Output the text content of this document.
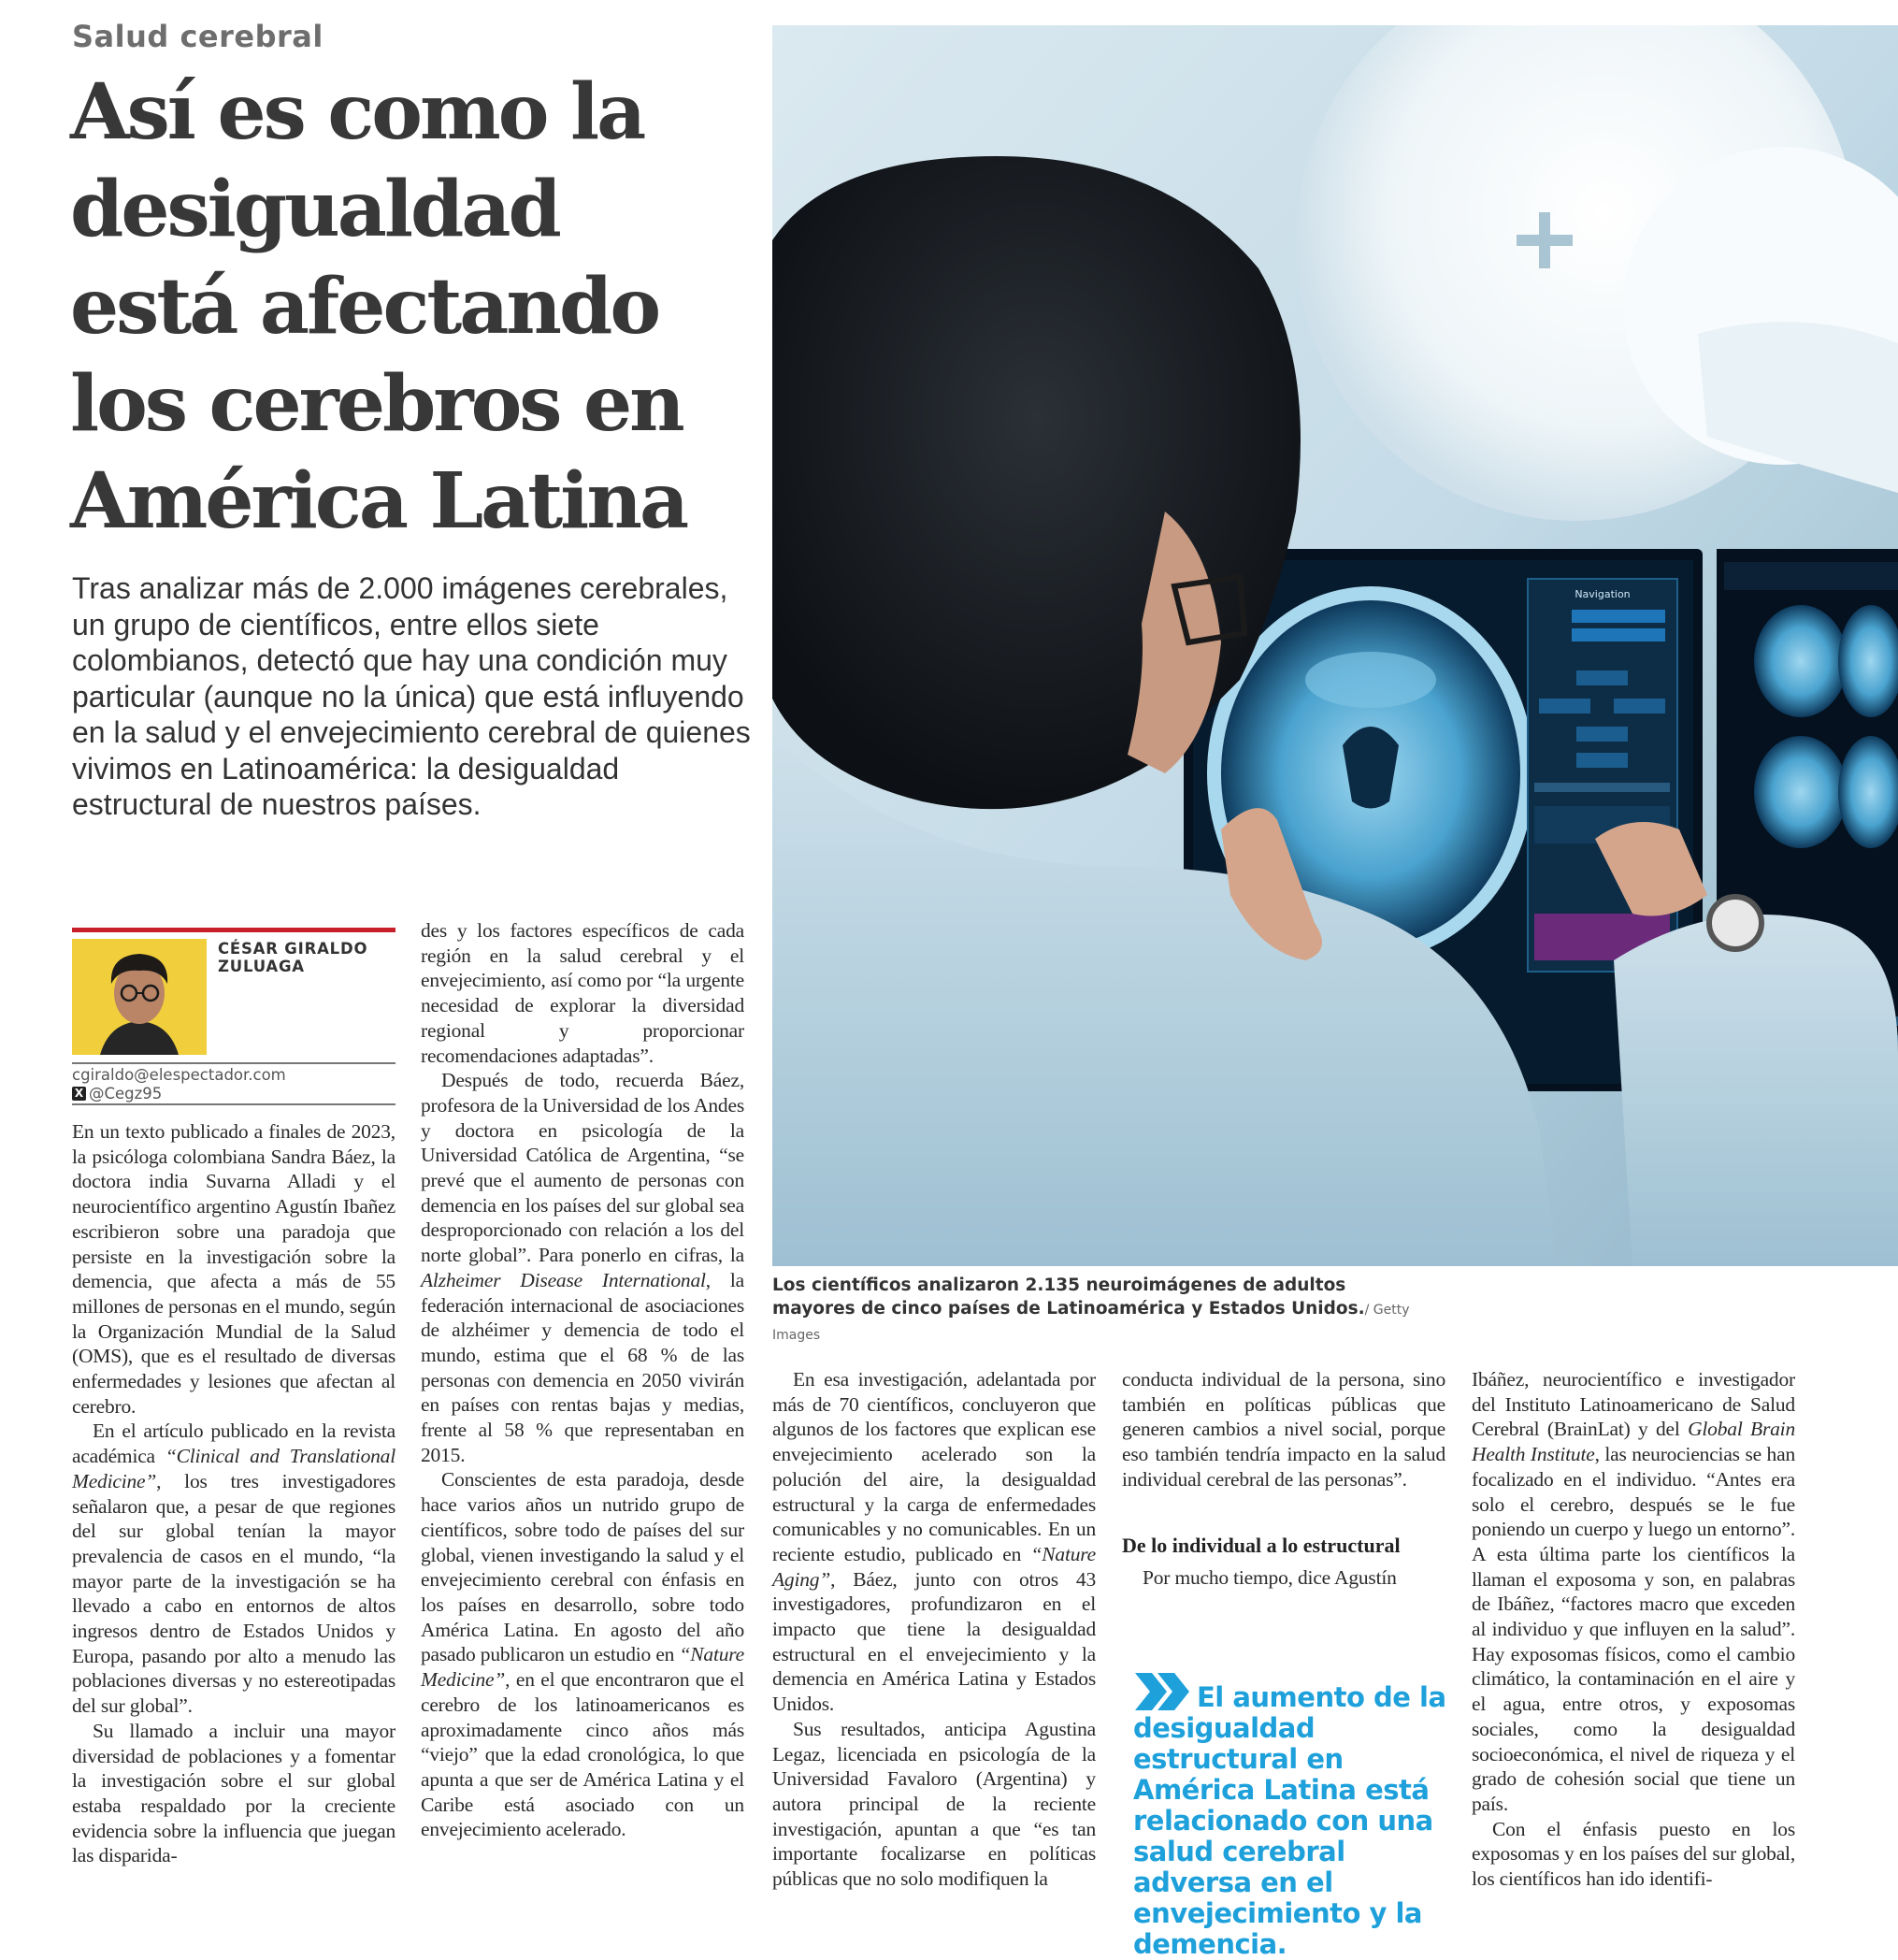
Salud cerebral
Así es como la desigualdad está afectando los cerebros en América Latina

Tras analizar más de 2.000 imágenes cerebrales, un grupo de científicos, entre ellos siete colombianos, detectó que hay una condición muy particular (aunque no la única) que está influyendo en la salud y el envejecimiento cerebral de quienes vivimos en Latinoamérica: la desigualdad estructural de nuestros países.

Navigation
Los científicos analizaron 2.135 neuroimágenes de adultos mayores de cinco países de Latinoamérica y Estados Unidos./ Getty Images
CÉSAR GIRALDO ZULUAGA
cgiraldo@elespectador.com
X @Cegz95

En un texto publicado a finales de 2023, la psicóloga colombiana Sandra Báez, la doctora india Suvarna Alladi y el neurocientífico argentino Agustín Ibañez escribieron sobre una paradoja que persiste en la investigación sobre la demencia, que afecta a más de 55 millones de personas en el mundo, según la Organización Mundial de la Salud (OMS), que es el resultado de diversas enfermedades y lesiones que afectan al cerebro.

En el artículo publicado en la revista académica “Clinical and Translational Medicine”, los tres investigadores señalaron que, a pesar de que regiones del sur global tenían la mayor prevalencia de casos en el mundo, “la mayor parte de la investigación se ha llevado a cabo en entornos de altos ingresos dentro de Estados Unidos y Europa, pasando por alto a menudo las poblaciones diversas y no estereotipadas del sur global”.

Su llamado a incluir una mayor diversidad de poblaciones y a fomentar la investigación sobre el sur global estaba respaldado por la creciente evidencia sobre la influencia que juegan las disparida-

des y los factores específicos de cada región en la salud cerebral y el envejecimiento, así como por “la urgente necesidad de explorar la diversidad regional y proporcionar recomendaciones adaptadas”.

Después de todo, recuerda Báez, profesora de la Universidad de los Andes y doctora en psicología de la Universidad Católica de Argentina, “se prevé que el aumento de personas con demencia en los países del sur global sea desproporcionado con relación a los del norte global”. Para ponerlo en cifras, la Alzheimer Disease International, la federación internacional de asociaciones de alzhéimer y demencia de todo el mundo, estima que el 68 % de las personas con demencia en 2050 vivirán en países con rentas bajas y medias, frente al 58 % que representaban en 2015.

Conscientes de esta paradoja, desde hace varios años un nutrido grupo de científicos, sobre todo de países del sur global, vienen investigando la salud y el envejecimiento cerebral con énfasis en los países en desarrollo, sobre todo América Latina. En agosto del año pasado publicaron un estudio en “Nature Medicine”, en el que encontraron que el cerebro de los latinoamericanos es aproximadamente cinco años más “viejo” que la edad cronológica, lo que apunta a que ser de América Latina y el Caribe está asociado con un envejecimiento acelerado.

En esa investigación, adelantada por más de 70 científicos, concluyeron que algunos de los factores que explican ese envejecimiento acelerado son la polución del aire, la desigualdad estructural y la carga de enfermedades comunicables y no comunicables. En un reciente estudio, publicado en “Nature Aging”, Báez, junto con otros 43 investigadores, profundizaron en el impacto que tiene la desigualdad estructural en el envejecimiento y la demencia en América Latina y Estados Unidos.

Sus resultados, anticipa Agustina Legaz, licenciada en psicología de la Universidad Favaloro (Argentina) y autora principal de la reciente investigación, apuntan a que “es tan importante focalizarse en políticas públicas que no solo modifiquen la

conducta individual de la persona, sino también en políticas públicas que generen cambios a nivel social, porque eso también tendría impacto en la salud individual cerebral de las personas”.

De lo individual a lo estructural

Por mucho tiempo, dice Agustín

El aumento de la desigualdad estructural en América Latina está relacionado con una salud cerebral adversa en el envejecimiento y la demencia.

Ibáñez, neurocientífico e investigador del Instituto Latinoamericano de Salud Cerebral (BrainLat) y del Global Brain Health Institute, las neurociencias se han focalizado en el individuo. “Antes era solo el cerebro, después se le fue poniendo un cuerpo y luego un entorno”. A esta última parte los científicos la llaman el exposoma y son, en palabras de Ibáñez, “factores macro que exceden al individuo y que influyen en la salud”. Hay exposomas físicos, como el cambio climático, la contaminación en el aire y el agua, entre otros, y exposomas sociales, como la desigualdad socioeconómica, el nivel de riqueza y el grado de cohesión social que tiene un país.

Con el énfasis puesto en los exposomas y en los países del sur global, los científicos han ido identifi-
